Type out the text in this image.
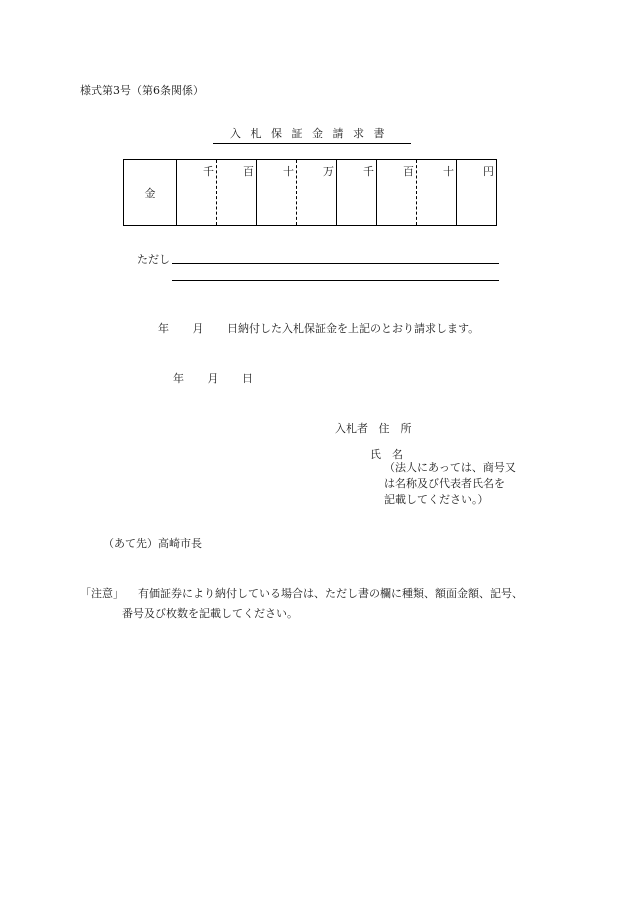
様式第3号（第6条関係）
入札保証金請求書
金	千	百	十	万	千	百	十	円
ただし
年 月 日納付した入札保証金を上記のとおり請求します。
年 月 日
入札者 住　所
氏　名
（法人にあっては、商号又
は名称及び代表者氏名を
記載してください。）
（あて先）高崎市長
「注意」 有価証券により納付している場合は、ただし書の欄に種類、額面金額、記号、
番号及び枚数を記載してください。
